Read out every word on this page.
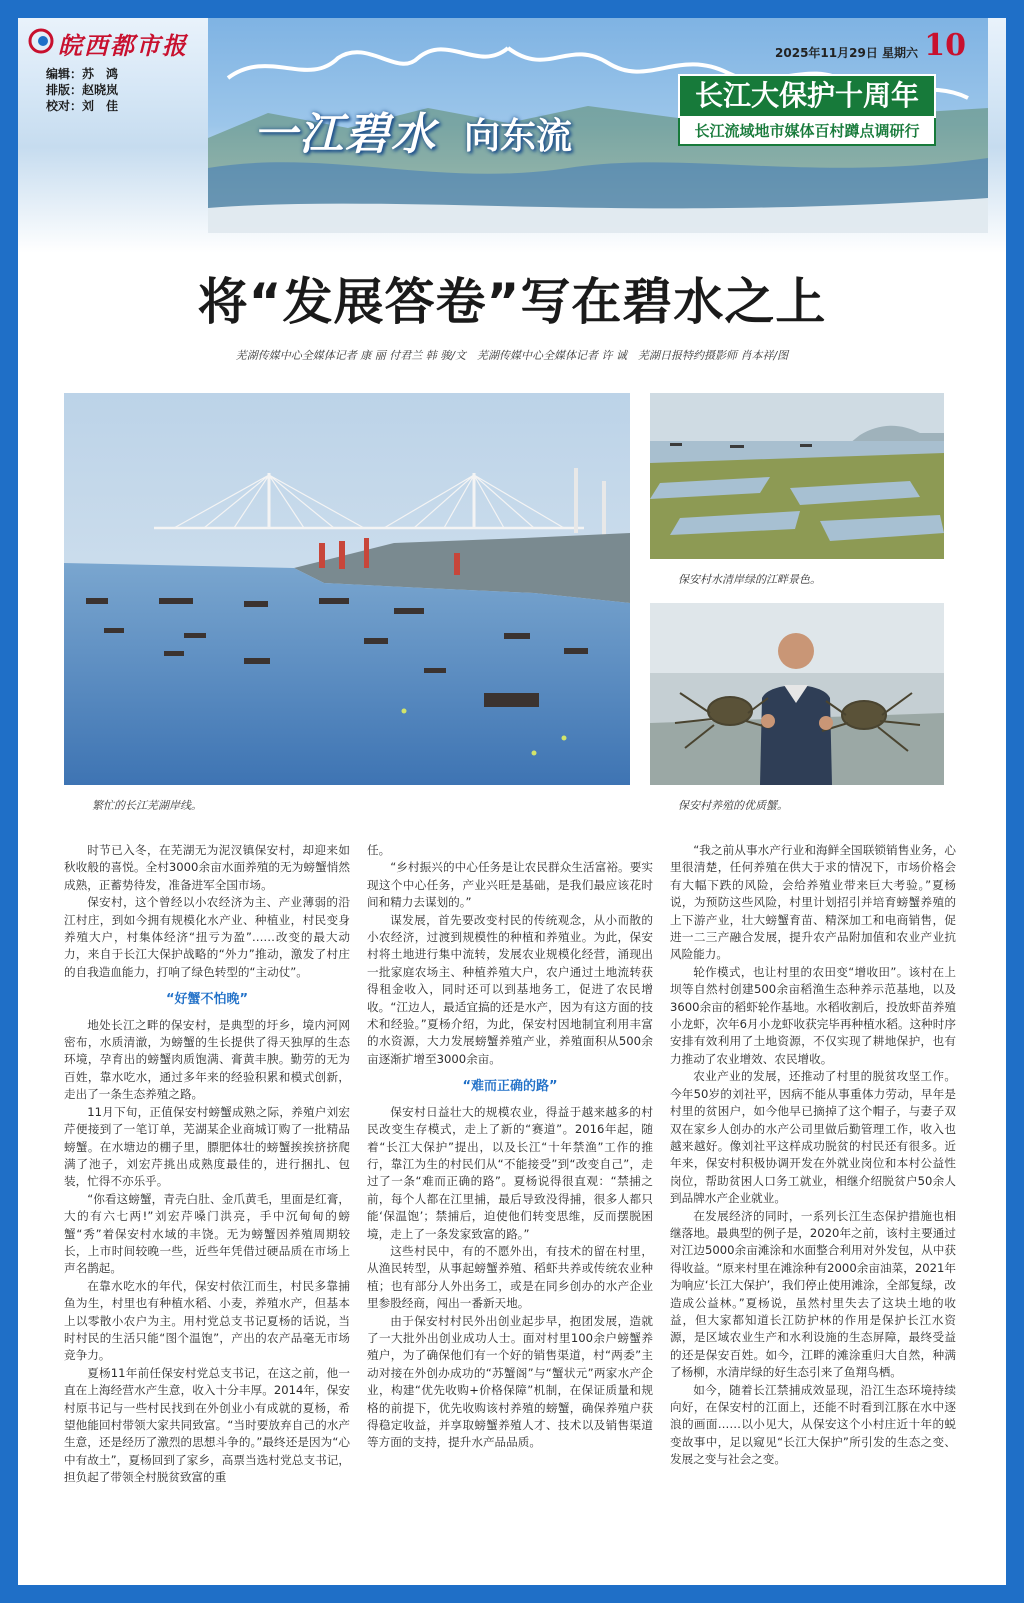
皖西都市报
编辑：苏　鸿
排版：赵晓岚
校对：刘　佳
2025年11月29日 星期六 10
一江碧水 向东流
长江大保护十周年
长江流域地市媒体百村蹲点调研行
将“发展答卷”写在碧水之上
芜湖传媒中心全媒体记者 康 丽 付君兰 韩 骏/文　芜湖传媒中心全媒体记者 许 诚　芜湖日报特约摄影师 肖本祥/图
繁忙的长江芜湖岸线。
保安村水清岸绿的江畔景色。
保安村养殖的优质蟹。

时节已入冬，在芜湖无为泥汊镇保安村，却迎来如秋收般的喜悦。全村3000余亩水面养殖的无为螃蟹悄然成熟，正蓄势待发，准备进军全国市场。

保安村，这个曾经以小农经济为主、产业薄弱的沿江村庄，到如今拥有规模化水产业、种植业，村民变身养殖大户，村集体经济“扭亏为盈”……改变的最大动力，来自于长江大保护战略的“外力”推动，激发了村庄的自我造血能力，打响了绿色转型的“主动仗”。

“好蟹不怕晚”

地处长江之畔的保安村，是典型的圩乡，境内河网密布，水质清澈，为螃蟹的生长提供了得天独厚的生态环境，孕育出的螃蟹肉质饱满、膏黄丰腴。勤劳的无为百姓，靠水吃水，通过多年来的经验积累和模式创新，走出了一条生态养殖之路。

11月下旬，正值保安村螃蟹成熟之际，养殖户刘宏芹便接到了一笔订单，芜湖某企业商城订购了一批精品螃蟹。在水塘边的棚子里，膘肥体壮的螃蟹挨挨挤挤爬满了池子，刘宏芹挑出成熟度最佳的，进行捆扎、包装，忙得不亦乐乎。

“你看这螃蟹，青壳白肚、金爪黄毛，里面是红膏，大的有六七两!”刘宏芹嗓门洪亮，手中沉甸甸的螃蟹“秀”着保安村水域的丰饶。无为螃蟹因养殖周期较长，上市时间较晚一些，近些年凭借过硬品质在市场上声名鹊起。

在靠水吃水的年代，保安村依江而生，村民多靠捕鱼为生，村里也有种植水稻、小麦，养殖水产，但基本上以零散小农户为主。用村党总支书记夏杨的话说，当时村民的生活只能“图个温饱”，产出的农产品毫无市场竞争力。

夏杨11年前任保安村党总支书记，在这之前，他一直在上海经营水产生意，收入十分丰厚。2014年，保安村原书记与一些村民找到在外创业小有成就的夏杨，希望他能回村带领大家共同致富。“当时要放弃自己的水产生意，还是经历了激烈的思想斗争的。”最终还是因为“心中有故土”，夏杨回到了家乡，高票当选村党总支书记，担负起了带领全村脱贫致富的重

任。

“乡村振兴的中心任务是让农民群众生活富裕。要实现这个中心任务，产业兴旺是基础，是我们最应该花时间和精力去谋划的。”

谋发展，首先要改变村民的传统观念，从小而散的小农经济，过渡到规模性的种植和养殖业。为此，保安村将土地进行集中流转，发展农业规模化经营，涌现出一批家庭农场主、种植养殖大户，农户通过土地流转获得租金收入，同时还可以到基地务工，促进了农民增收。“江边人，最适宜搞的还是水产，因为有这方面的技术和经验。”夏杨介绍，为此，保安村因地制宜利用丰富的水资源，大力发展螃蟹养殖产业，养殖面积从500余亩逐渐扩增至3000余亩。

“难而正确的路”

保安村日益壮大的规模农业，得益于越来越多的村民改变生存模式，走上了新的“赛道”。2016年起，随着“长江大保护”提出，以及长江“十年禁渔”工作的推行，靠江为生的村民们从“不能接受”到“改变自己”，走过了一条“难而正确的路”。夏杨说得很直观：“禁捕之前，每个人都在江里捕，最后导致没得捕，很多人都只能‘保温饱’；禁捕后，迫使他们转变思维，反而摆脱困境，走上了一条发家致富的路。”

这些村民中，有的不愿外出，有技术的留在村里，从渔民转型，从事起螃蟹养殖、稻虾共养或传统农业种植；也有部分人外出务工，或是在同乡创办的水产企业里参股经商，闯出一番新天地。

由于保安村村民外出创业起步早，抱团发展，造就了一大批外出创业成功人士。面对村里100余户螃蟹养殖户，为了确保他们有一个好的销售渠道，村“两委”主动对接在外创办成功的“苏蟹阁”与“蟹状元”两家水产企业，构建“优先收购+价格保障”机制，在保证质量和规格的前提下，优先收购该村养殖的螃蟹，确保养殖户获得稳定收益，并享取螃蟹养殖人才、技术以及销售渠道等方面的支持，提升水产品品质。

“我之前从事水产行业和海鲜全国联锁销售业务，心里很清楚，任何养殖在供大于求的情况下，市场价格会有大幅下跌的风险，会给养殖业带来巨大考验。”夏杨说，为预防这些风险，村里计划招引并培育螃蟹养殖的上下游产业，壮大螃蟹育苗、精深加工和电商销售，促进一二三产融合发展，提升农产品附加值和农业产业抗风险能力。

轮作模式，也让村里的农田变“增收田”。该村在上坝等自然村创建500余亩稻渔生态种养示范基地，以及3600余亩的稻虾轮作基地。水稻收割后，投放虾苗养殖小龙虾，次年6月小龙虾收获完毕再种植水稻。这种时序安排有效利用了土地资源，不仅实现了耕地保护，也有力推动了农业增效、农民增收。

农业产业的发展，还推动了村里的脱贫攻坚工作。今年50岁的刘社平，因病不能从事重体力劳动，早年是村里的贫困户，如今他早已摘掉了这个帽子，与妻子双双在家乡人创办的水产公司里做后勤管理工作，收入也越来越好。像刘社平这样成功脱贫的村民还有很多。近年来，保安村积极协调开发在外就业岗位和本村公益性岗位，帮助贫困人口务工就业，相继介绍脱贫户50余人到品牌水产企业就业。

在发展经济的同时，一系列长江生态保护措施也相继落地。最典型的例子是，2020年之前，该村主要通过对江边5000余亩滩涂和水面整合利用对外发包，从中获得收益。“原来村里在滩涂种有2000余亩油菜，2021年为响应‘长江大保护’，我们停止使用滩涂，全部复绿，改造成公益林。”夏杨说，虽然村里失去了这块土地的收益，但大家都知道长江防护林的作用是保护长江水资源，是区域农业生产和水利设施的生态屏障，最终受益的还是保安百姓。如今，江畔的滩涂重归大自然，种满了杨柳，水清岸绿的好生态引来了鱼翔鸟栖。

如今，随着长江禁捕成效显现，沿江生态环境持续向好，在保安村的江面上，还能不时看到江豚在水中逐浪的画面……以小见大，从保安这个小村庄近十年的蜕变故事中，足以窥见“长江大保护”所引发的生态之变、发展之变与社会之变。
